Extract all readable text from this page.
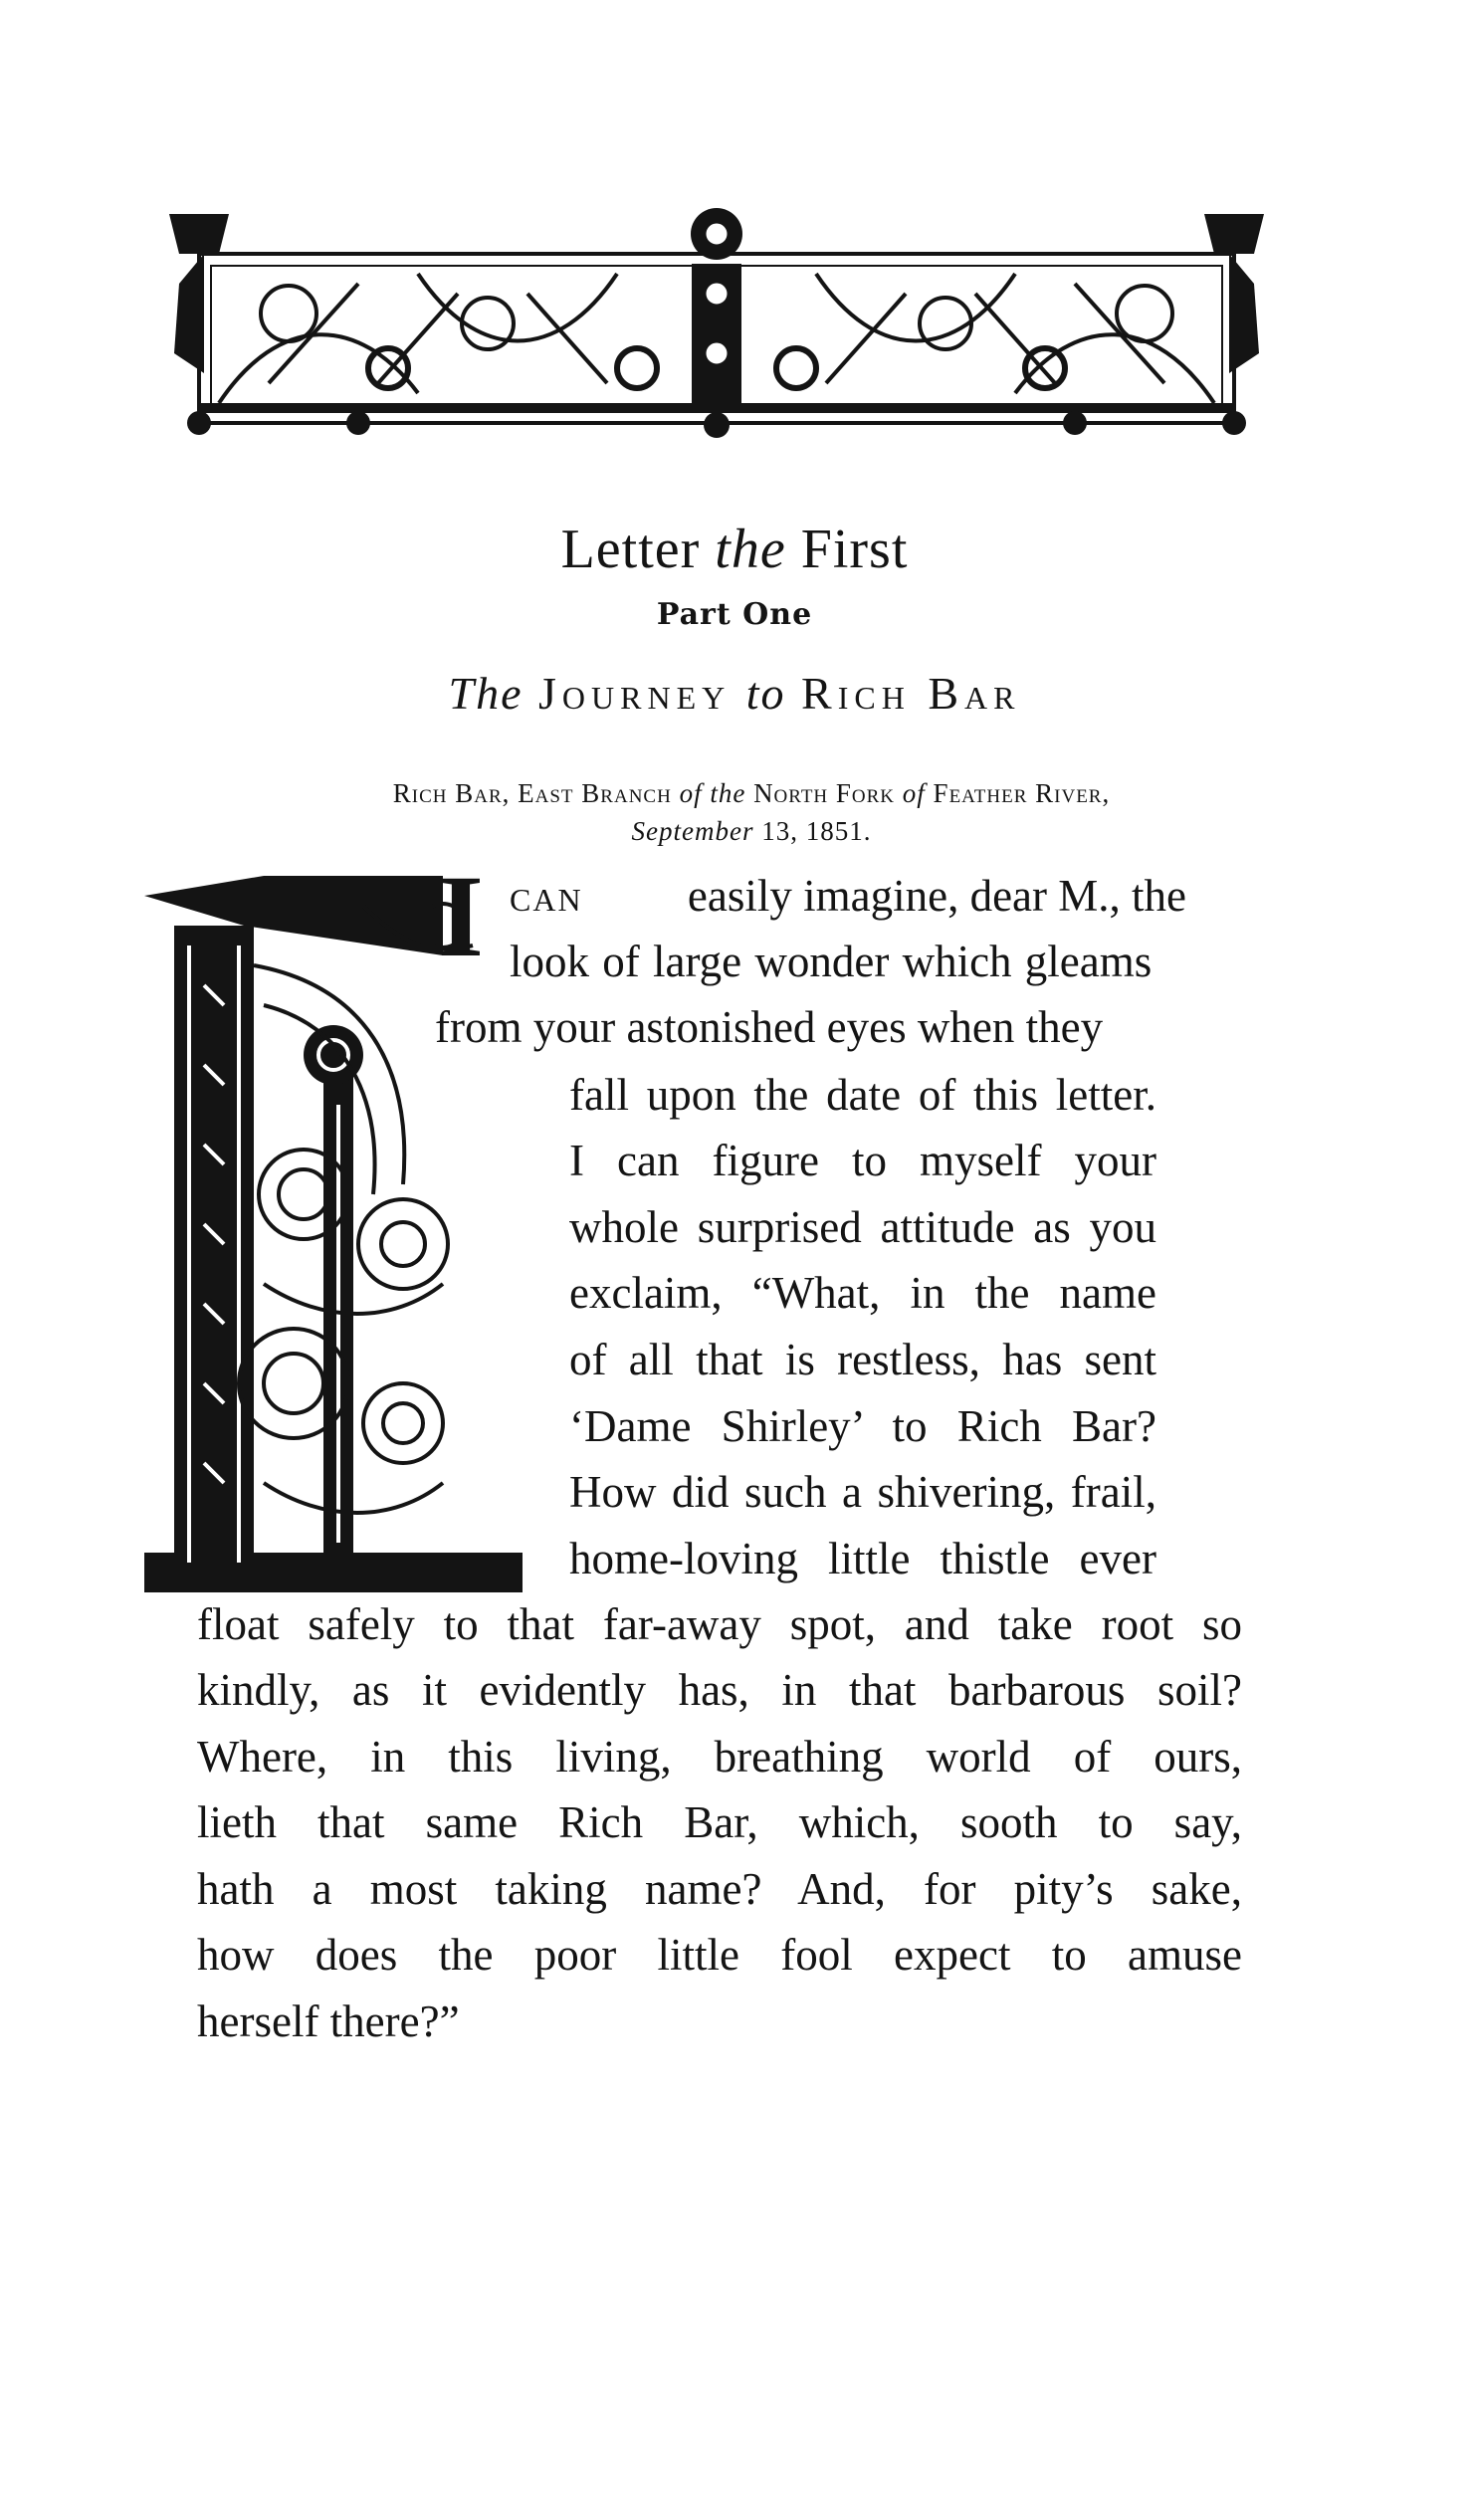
Letter the First
Part One
The Journey to Rich Bar
Rich Bar, East Branch of the North Fork of Feather River,
September 13, 1851.
I can easily imagine, dear M., the
look of large wonder which gleams
from your astonished eyes when they
fall upon the date of this letter.
I can figure to myself your
whole surprised attitude as you
exclaim, “What, in the name
of all that is restless, has sent
‘Dame Shirley’ to Rich Bar?
How did such a shivering, frail,
home-loving little thistle ever
float safely to that far-away spot, and take root so
kindly, as it evidently has, in that barbarous soil?
Where, in this living, breathing world of ours,
lieth that same Rich Bar, which, sooth to say,
hath a most taking name? And, for pity’s sake,
how does the poor little fool expect to amuse
herself there?”
